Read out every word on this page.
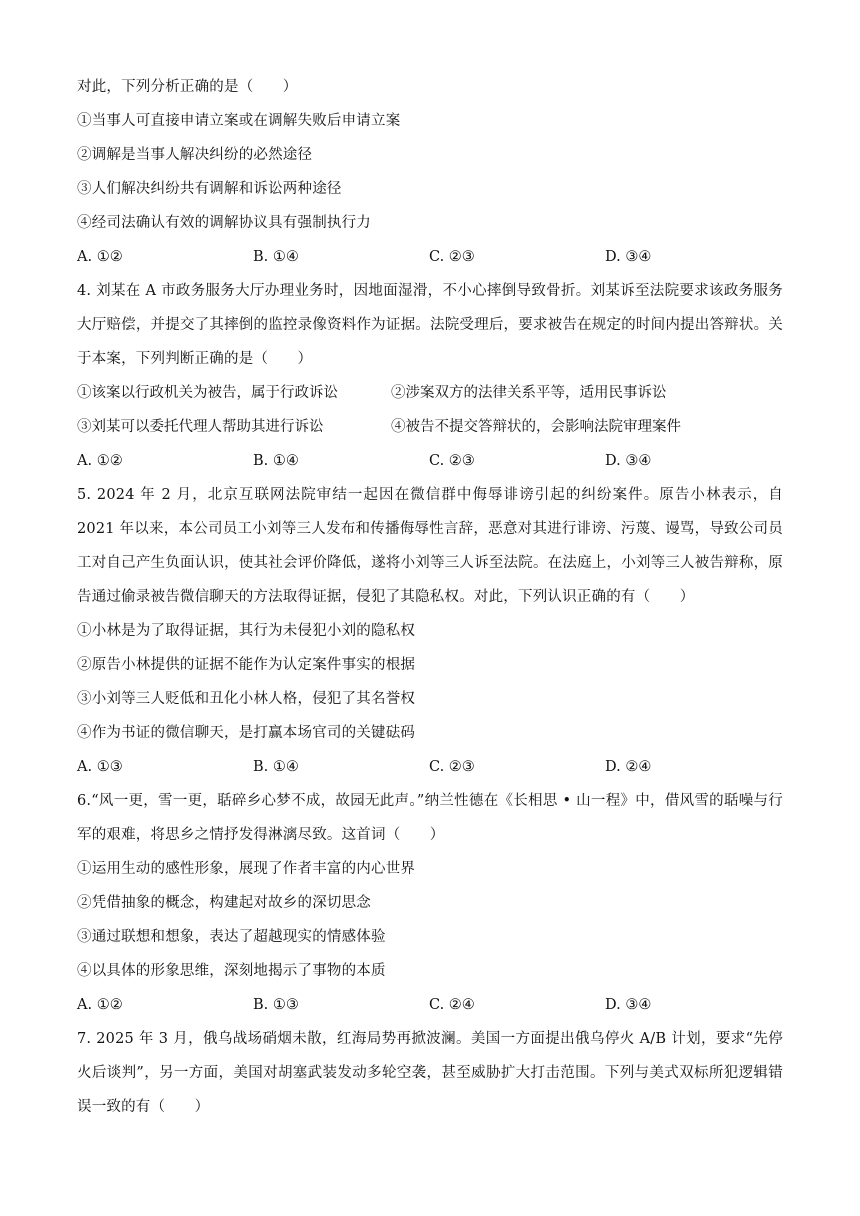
对此，下列分析正确的是（　　）
①当事人可直接申请立案或在调解失败后申请立案
②调解是当事人解决纠纷的必然途径
③人们解决纠纷共有调解和诉讼两种途径
④经司法确认有效的调解协议具有强制执行力
A. ①②	B. ①④	C. ②③	D. ③④
4. 刘某在 A 市政务服务大厅办理业务时，因地面湿滑，不小心摔倒导致骨折。刘某诉至法院要求该政务服务大厅赔偿，并提交了其摔倒的监控录像资料作为证据。法院受理后，要求被告在规定的时间内提出答辩状。关于本案，下列判断正确的是（　　）
①该案以行政机关为被告，属于行政诉讼	②涉案双方的法律关系平等，适用民事诉讼
③刘某可以委托代理人帮助其进行诉讼	④被告不提交答辩状的，会影响法院审理案件
A. ①②	B. ①④	C. ②③	D. ③④
5. 2024 年 2 月，北京互联网法院审结一起因在微信群中侮辱诽谤引起的纠纷案件。原告小林表示，自 2021 年以来，本公司员工小刘等三人发布和传播侮辱性言辞，恶意对其进行诽谤、污蔑、谩骂，导致公司员工对自己产生负面认识，使其社会评价降低，遂将小刘等三人诉至法院。在法庭上，小刘等三人被告辩称，原告通过偷录被告微信聊天的方法取得证据，侵犯了其隐私权。对此，下列认识正确的有（　　）
①小林是为了取得证据，其行为未侵犯小刘的隐私权
②原告小林提供的证据不能作为认定案件事实的根据
③小刘等三人贬低和丑化小林人格，侵犯了其名誉权
④作为书证的微信聊天，是打赢本场官司的关键砝码
A. ①③	B. ①④	C. ②③	D. ②④
6.“风一更，雪一更，聒碎乡心梦不成，故园无此声。”纳兰性德在《长相思 • 山一程》中，借风雪的聒噪与行军的艰难，将思乡之情抒发得淋漓尽致。这首词（　　）
①运用生动的感性形象，展现了作者丰富的内心世界
②凭借抽象的概念，构建起对故乡的深切思念
③通过联想和想象，表达了超越现实的情感体验
④以具体的形象思维，深刻地揭示了事物的本质
A. ①②	B. ①③	C. ②④	D. ③④
7. 2025 年 3 月，俄乌战场硝烟未散，红海局势再掀波澜。美国一方面提出俄乌停火 A/B 计划，要求“先停火后谈判”，另一方面，美国对胡塞武装发动多轮空袭，甚至威胁扩大打击范围。下列与美式双标所犯逻辑错误一致的有（　　）
